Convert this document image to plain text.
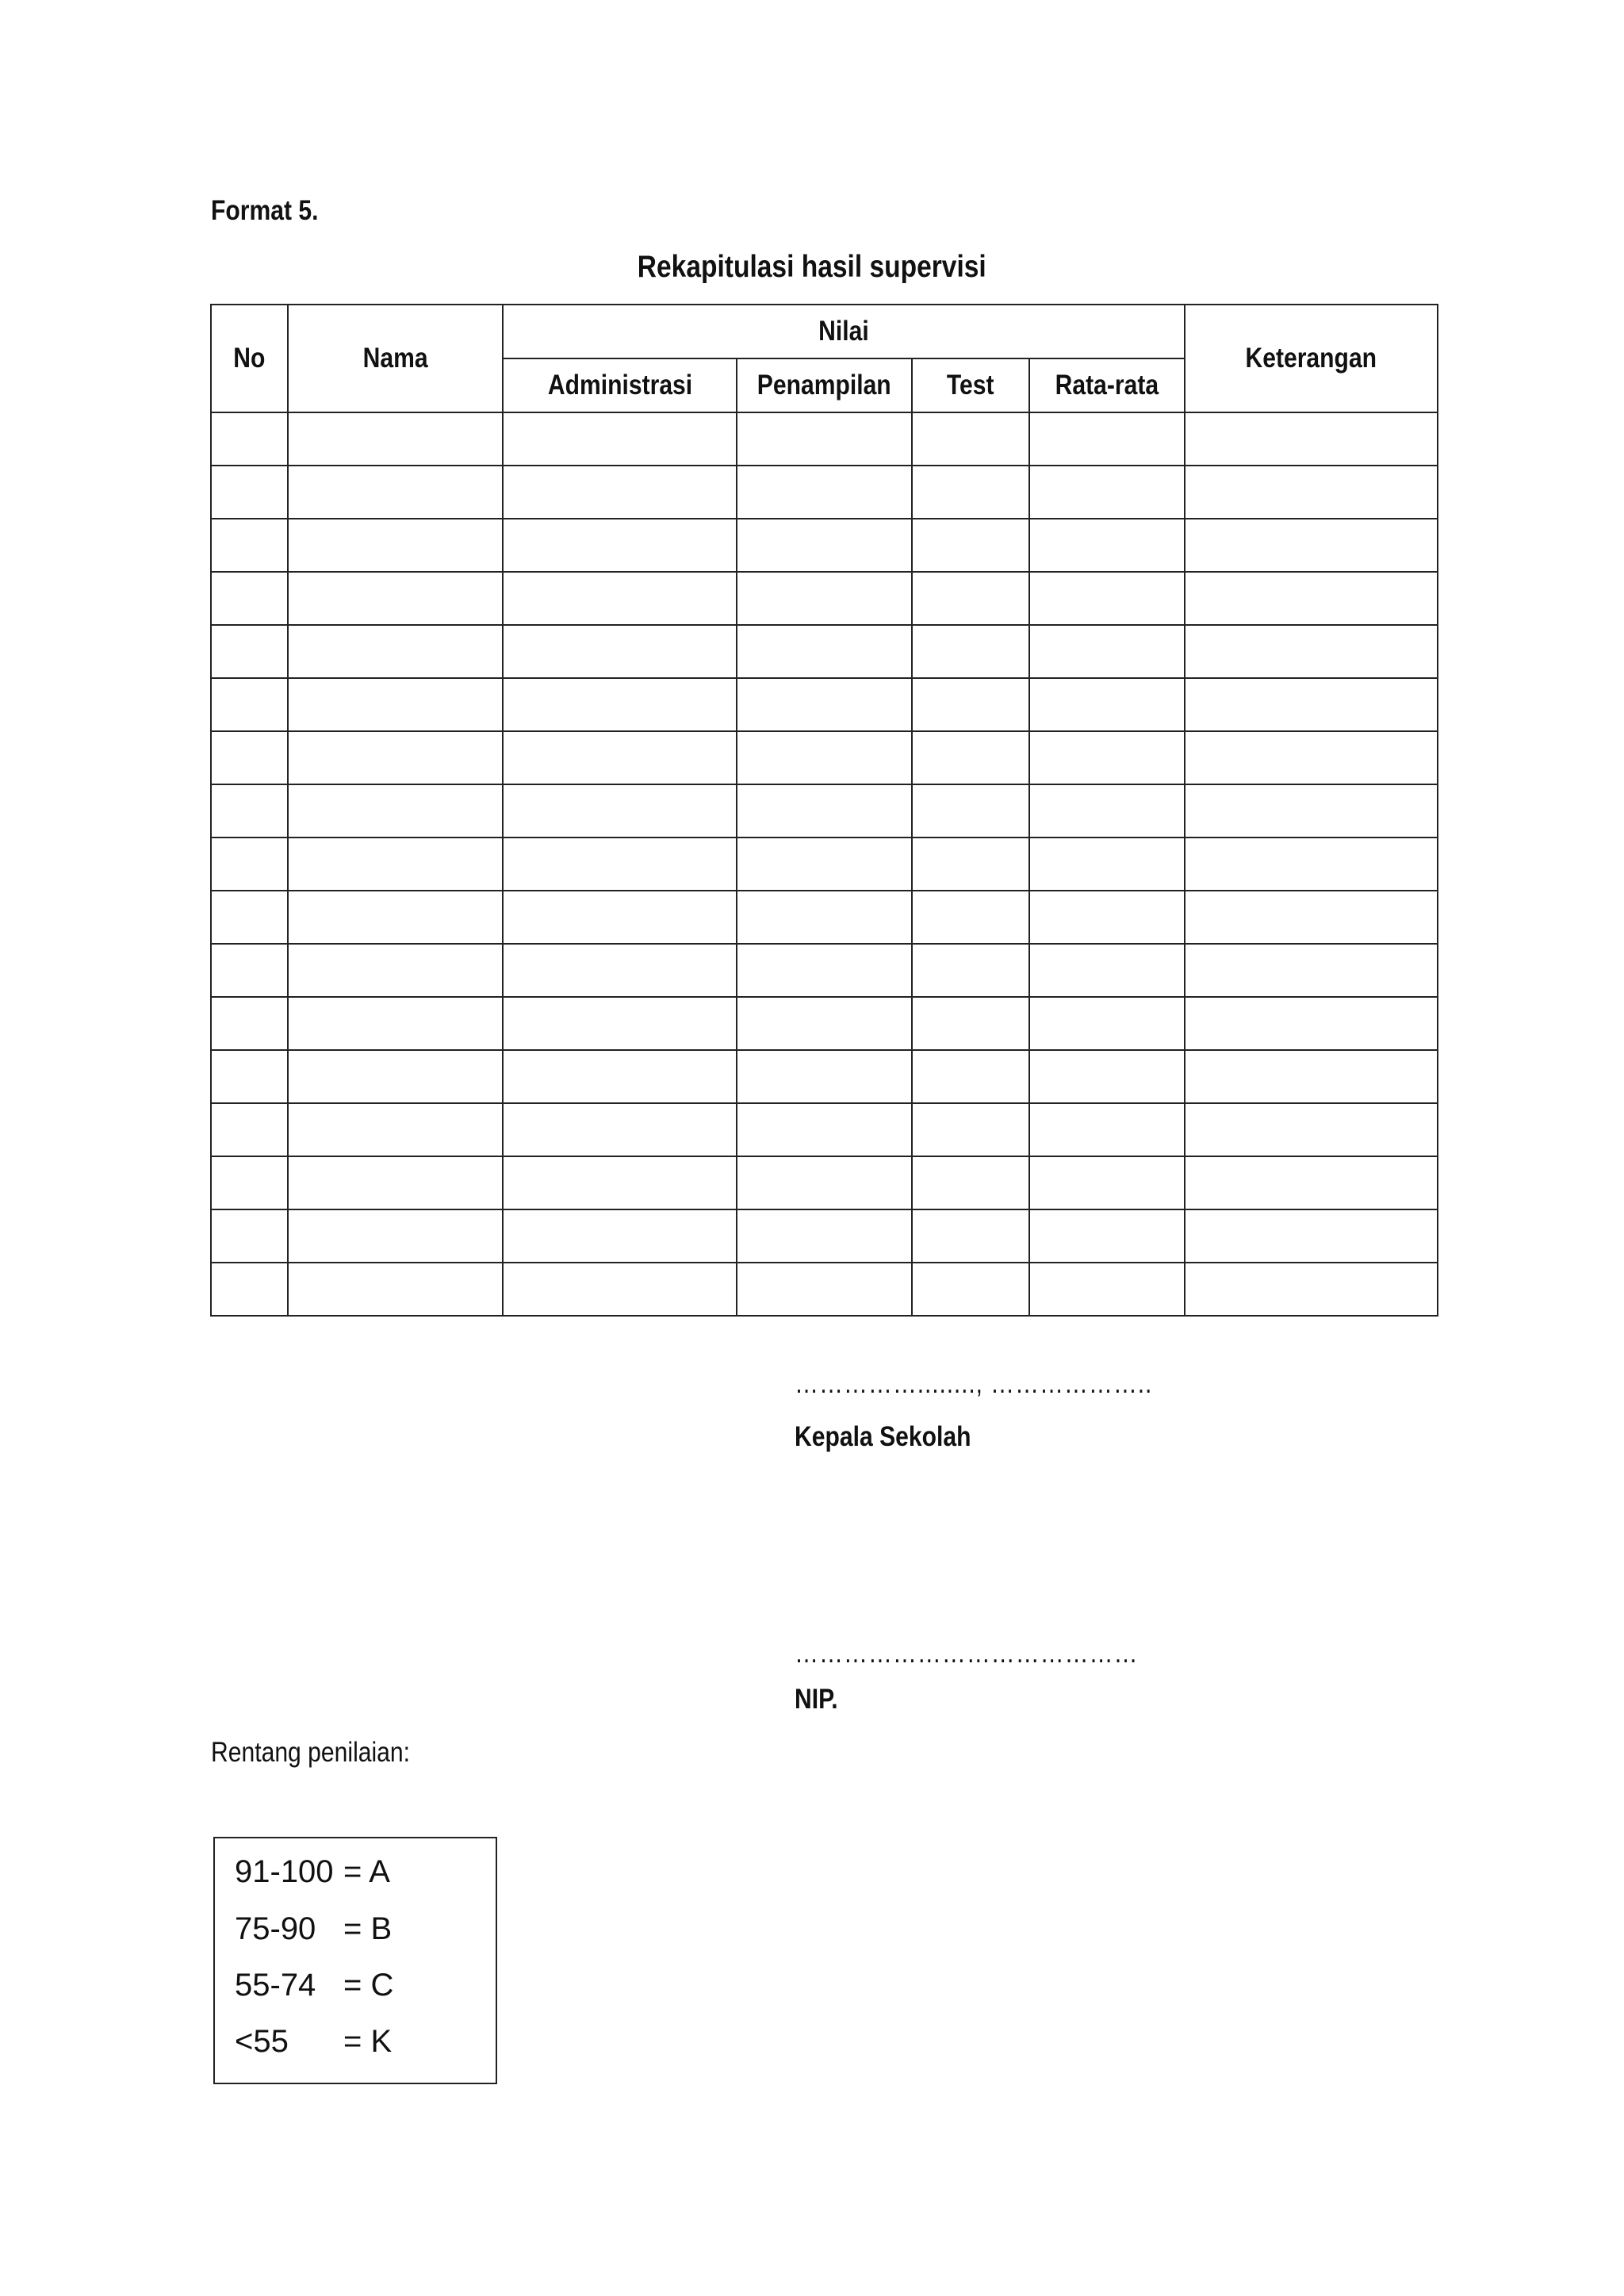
Format 5.
Rekapitulasi hasil supervisi
No	Nama	Nilai				Keterangan
		Administrasi	Penampilan	Test	Rata-rata	

……………........, ………………..
Kepala Sekolah
……………………………………
NIP.
Rentang penilaian:
91-100 = A
75-90 = B
55-74 = C
<55 = K
